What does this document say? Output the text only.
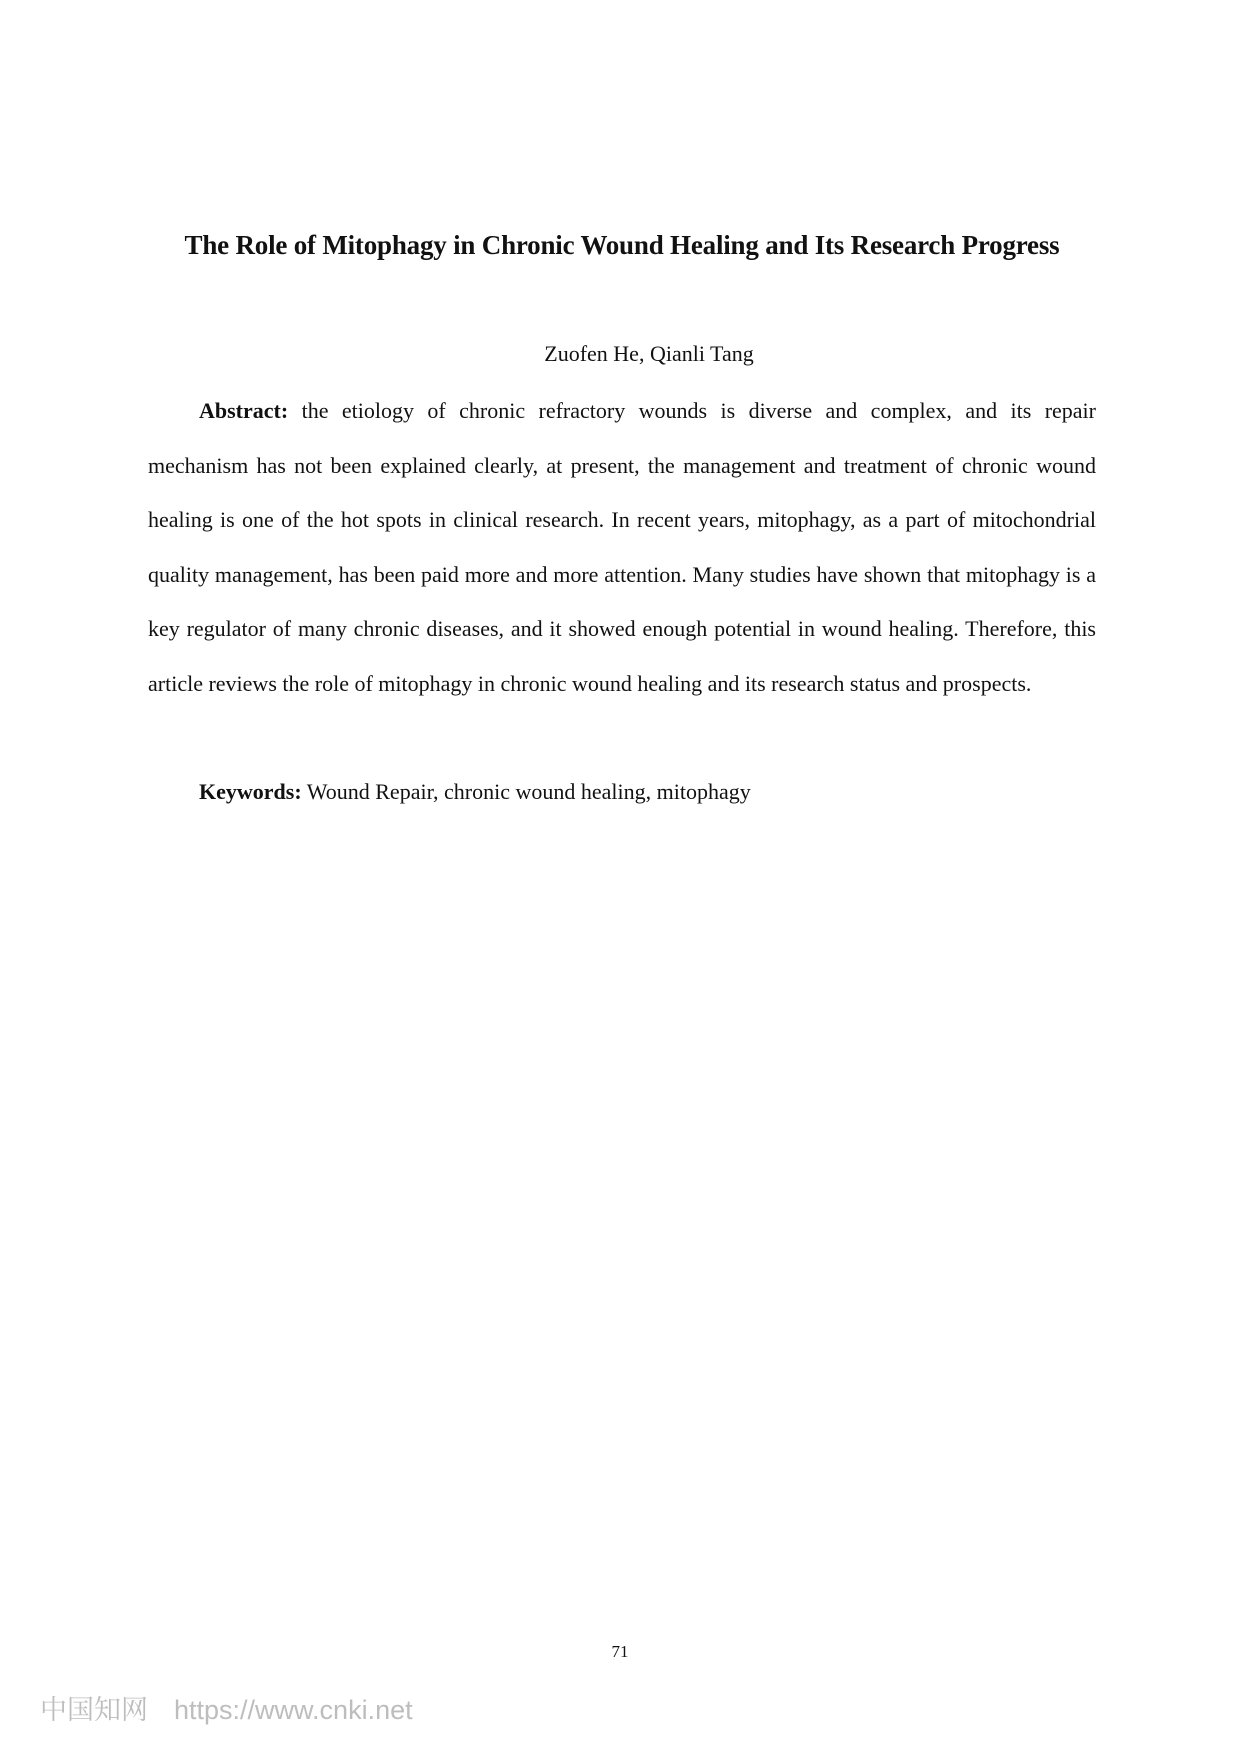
The Role of Mitophagy in Chronic Wound Healing and Its Research Progress
Zuofen He, Qianli Tang

Abstract: the etiology of chronic refractory wounds is diverse and complex, and its repair mechanism has not been explained clearly, at present, the management and treatment of chronic wound healing is one of the hot spots in clinical research. In recent years, mitophagy, as a part of mitochondrial quality management, has been paid more and more attention. Many studies have shown that mitophagy is a key regulator of many chronic diseases, and it showed enough potential in wound healing. Therefore, this article reviews the role of mitophagy in chronic wound healing and its research status and prospects.

Keywords: Wound Repair, chronic wound healing, mitophagy

71
中国知网 https://www.cnki.net
